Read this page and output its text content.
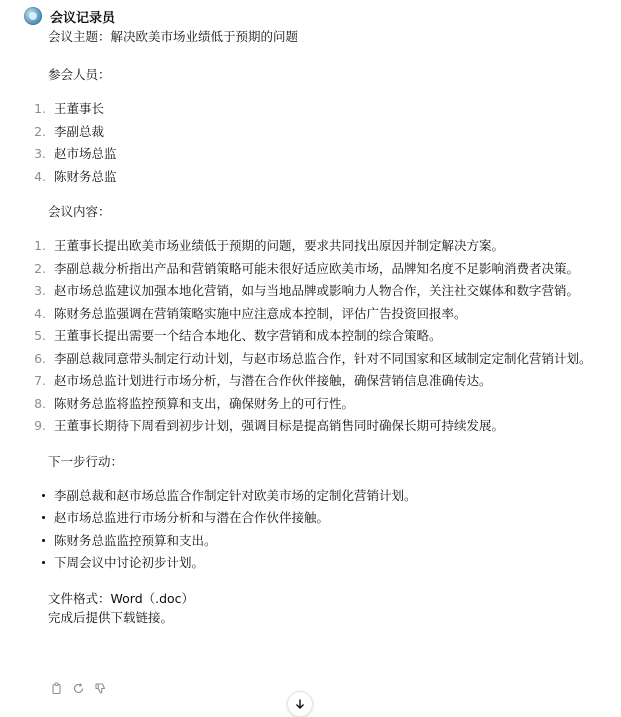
会议记录员

会议主题：解决欧美市场业绩低于预期的问题

参会人员：

1. 王董事长
2. 李副总裁
3. 赵市场总监
4. 陈财务总监

会议内容：

1. 王董事长提出欧美市场业绩低于预期的问题，要求共同找出原因并制定解决方案。
2. 李副总裁分析指出产品和营销策略可能未很好适应欧美市场，品牌知名度不足影响消费者决策。
3. 赵市场总监建议加强本地化营销，如与当地品牌或影响力人物合作，关注社交媒体和数字营销。
4. 陈财务总监强调在营销策略实施中应注意成本控制，评估广告投资回报率。
5. 王董事长提出需要一个结合本地化、数字营销和成本控制的综合策略。
6. 李副总裁同意带头制定行动计划，与赵市场总监合作，针对不同国家和区域制定定制化营销计划。
7. 赵市场总监计划进行市场分析，与潜在合作伙伴接触，确保营销信息准确传达。
8. 陈财务总监将监控预算和支出，确保财务上的可行性。
9. 王董事长期待下周看到初步计划，强调目标是提高销售同时确保长期可持续发展。

下一步行动：

李副总裁和赵市场总监合作制定针对欧美市场的定制化营销计划。
赵市场总监进行市场分析和与潜在合作伙伴接触。
陈财务总监监控预算和支出。
下周会议中讨论初步计划。

文件格式：Word（.doc）

完成后提供下载链接。
